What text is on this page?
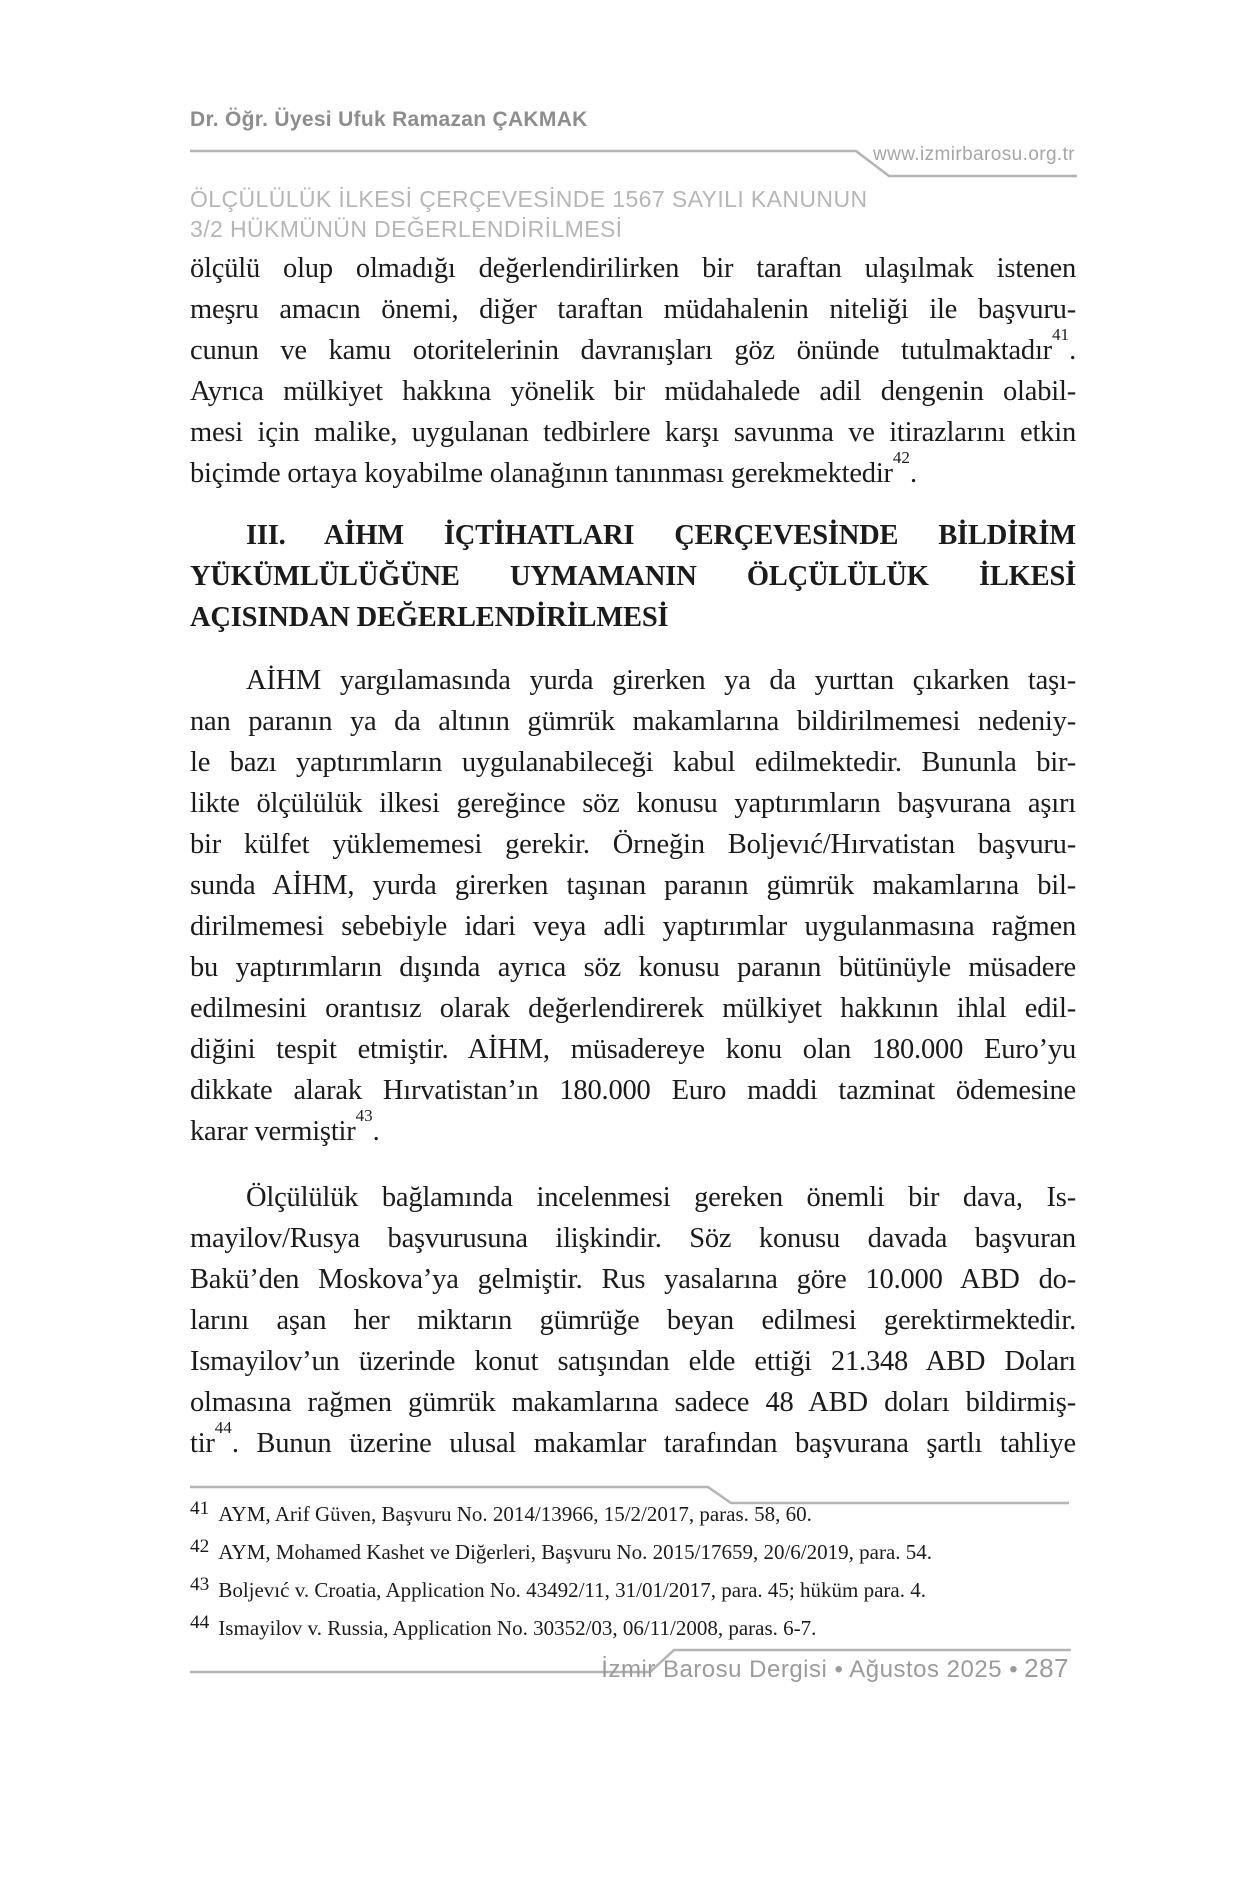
Dr. Öğr. Üyesi Ufuk Ramazan ÇAKMAK
www.izmirbarosu.org.tr
ÖLÇÜLÜLÜK İLKESİ ÇERÇEVESİNDE 1567 SAYILI KANUNUN
3/2 HÜKMÜNÜN DEĞERLENDİRİLMESİ
ölçülü olup olmadığı değerlendirilirken bir taraftan ulaşılmak istenen
meşru amacın önemi, diğer taraftan müdahalenin niteliği ile başvuru-
cunun ve kamu otoritelerinin davranışları göz önünde tutulmaktadır$^{41}$.
Ayrıca mülkiyet hakkına yönelik bir müdahalede adil dengenin olabil-
mesi için malike, uygulanan tedbirlere karşı savunma ve itirazlarını etkin
biçimde ortaya koyabilme olanağının tanınması gerekmektedir$^{42}$.
III. AİHM İÇTİHATLARI ÇERÇEVESİNDE BİLDİRİM
YÜKÜMLÜLÜĞÜNE UYMAMANIN ÖLÇÜLÜLÜK İLKESİ
AÇISINDAN DEĞERLENDİRİLMESİ
AİHM yargılamasında yurda girerken ya da yurttan çıkarken taşı-
nan paranın ya da altının gümrük makamlarına bildirilmemesi nedeniy-
le bazı yaptırımların uygulanabileceği kabul edilmektedir. Bununla bir-
likte ölçülülük ilkesi gereğince söz konusu yaptırımların başvurana aşırı
bir külfet yüklememesi gerekir. Örneğin Boljevıć/Hırvatistan başvuru-
sunda AİHM, yurda girerken taşınan paranın gümrük makamlarına bil-
dirilmemesi sebebiyle idari veya adli yaptırımlar uygulanmasına rağmen
bu yaptırımların dışında ayrıca söz konusu paranın bütünüyle müsadere
edilmesini orantısız olarak değerlendirerek mülkiyet hakkının ihlal edil-
diğini tespit etmiştir. AİHM, müsadereye konu olan 180.000 Euro’yu
dikkate alarak Hırvatistan’ın 180.000 Euro maddi tazminat ödemesine
karar vermiştir$^{43}$.
Ölçülülük bağlamında incelenmesi gereken önemli bir dava, Is-
mayilov/Rusya başvurusuna ilişkindir. Söz konusu davada başvuran
Bakü’den Moskova’ya gelmiştir. Rus yasalarına göre 10.000 ABD do-
larını aşan her miktarın gümrüğe beyan edilmesi gerektirmektedir.
Ismayilov’un üzerinde konut satışından elde ettiği 21.348 ABD Doları
olmasına rağmen gümrük makamlarına sadece 48 ABD doları bildirmiş-
tir$^{44}$. Bunun üzerine ulusal makamlar tarafından başvurana şartlı tahliye
41 AYM, Arif Güven, Başvuru No. 2014/13966, 15/2/2017, paras. 58, 60.
42 AYM, Mohamed Kashet ve Diğerleri, Başvuru No. 2015/17659, 20/6/2019, para. 54.
43 Boljevıć v. Croatia, Application No. 43492/11, 31/01/2017, para. 45; hüküm para. 4.
44 Ismayilov v. Russia, Application No. 30352/03, 06/11/2008, paras. 6-7.
İzmir Barosu Dergisi • Ağustos 2025 • 287
